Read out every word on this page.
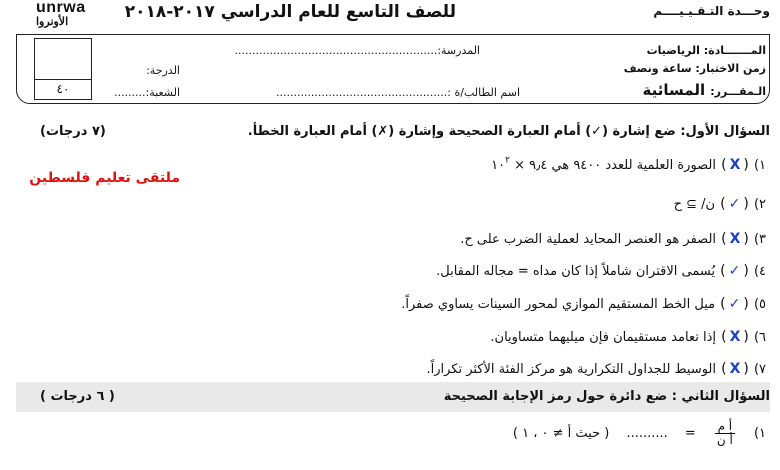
unrwa
الأونروا	للصف التاسع للعام الدراسي ٢٠١٧-٢٠١٨	وحـــدة التـقـيـيــــم
٤٠
المـــــــادة: الرياضيات
زمن الاختبار: ساعة ونصف
الـمقـــرر: المسائية
المدرسة:..........................................................
اسم الطالب/ة :.................................................
الدرجة:
الشعبة:.........
السؤال الأول: ضع إشارة (✓) أمام العبارة الصحيحة وإشارة (✗) أمام العبارة الخطأ.
(٧ درجات)
ملتقى تعليم فلسطين
١) (X) الصورة العلمية للعدد ٩٤٠٠ هي ٩٫٤ × $١٠^٢$
٢) (✓) ن/ ⊇ ح
٣) (X) الصفر هو العنصر المحايد لعملية الضرب على ح.
٤) (✓) يُسمى الاقتران شاملاً إذا كان مداه = مجاله المقابل.
٥) (✓) ميل الخط المستقيم الموازي لمحور السينات يساوي صفراً.
٦) (X) إذا تعامد مستقيمان فإن ميليهما متساويان.
٧) (X) الوسيط للجداول التكرارية هو مركز الفئة الأكثر تكراراً.
السؤال الثاني : ضع دائرة حول رمز الإجابة الصحيحة
( ٦ درجات )
١)
أ م
أ ن
= .......... ( حيث أ ≠ ٠ ، ١ )
